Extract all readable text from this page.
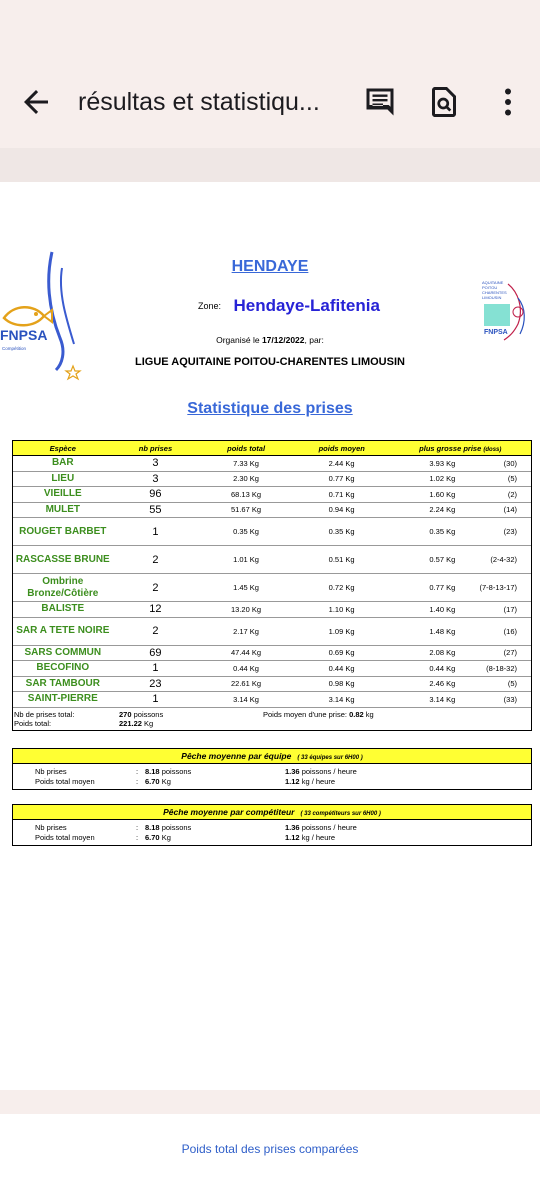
résultas et statistiqu...
FNPSA
Compétition
FNPSA
AQUITAINE POITOU CHARENTES LIMOUSIN
HENDAYE
Zone: Hendaye-Lafitenia
Organisé le 17/12/2022, par:
LIGUE AQUITAINE POITOU-CHARENTES LIMOUSIN
Statistique des prises
Espèce	nb prises	poids total	poids moyen	plus grosse prise (doss)
BAR	3	7.33 Kg	2.44 Kg	3.93 Kg	(30)
LIEU	3	2.30 Kg	0.77 Kg	1.02 Kg	(5)
VIEILLE	96	68.13 Kg	0.71 Kg	1.60 Kg	(2)
MULET	55	51.67 Kg	0.94 Kg	2.24 Kg	(14)
ROUGET BARBET	1	0.35 Kg	0.35 Kg	0.35 Kg	(23)
RASCASSE BRUNE	2	1.01 Kg	0.51 Kg	0.57 Kg	(2-4-32)
Ombrine Bronze/Côtière	2	1.45 Kg	0.72 Kg	0.77 Kg	(7-8-13-17)
BALISTE	12	13.20 Kg	1.10 Kg	1.40 Kg	(17)
SAR A TETE NOIRE	2	2.17 Kg	1.09 Kg	1.48 Kg	(16)
SARS COMMUN	69	47.44 Kg	0.69 Kg	2.08 Kg	(27)
BECOFINO	1	0.44 Kg	0.44 Kg	0.44 Kg	(8-18-32)
SAR TAMBOUR	23	22.61 Kg	0.98 Kg	2.46 Kg	(5)
SAINT-PIERRE	1	3.14 Kg	3.14 Kg	3.14 Kg	(33)
Nb de prises total:	270 poissons
Poids total:	221.22 Kg
Poids moyen d'une prise: 0.82 kg
Pêche moyenne par équipe ( 33 équipes sur 6H00 )
Nb prises	: 8.18 poissons	1.36 poissons / heure
Poids total moyen	: 6.70 Kg	1.12 kg / heure
Pêche moyenne par compétiteur ( 33 compétiteurs sur 6H00 )
Nb prises	: 8.18 poissons	1.36 poissons / heure
Poids total moyen	: 6.70 Kg	1.12 kg / heure
Poids total des prises comparées
